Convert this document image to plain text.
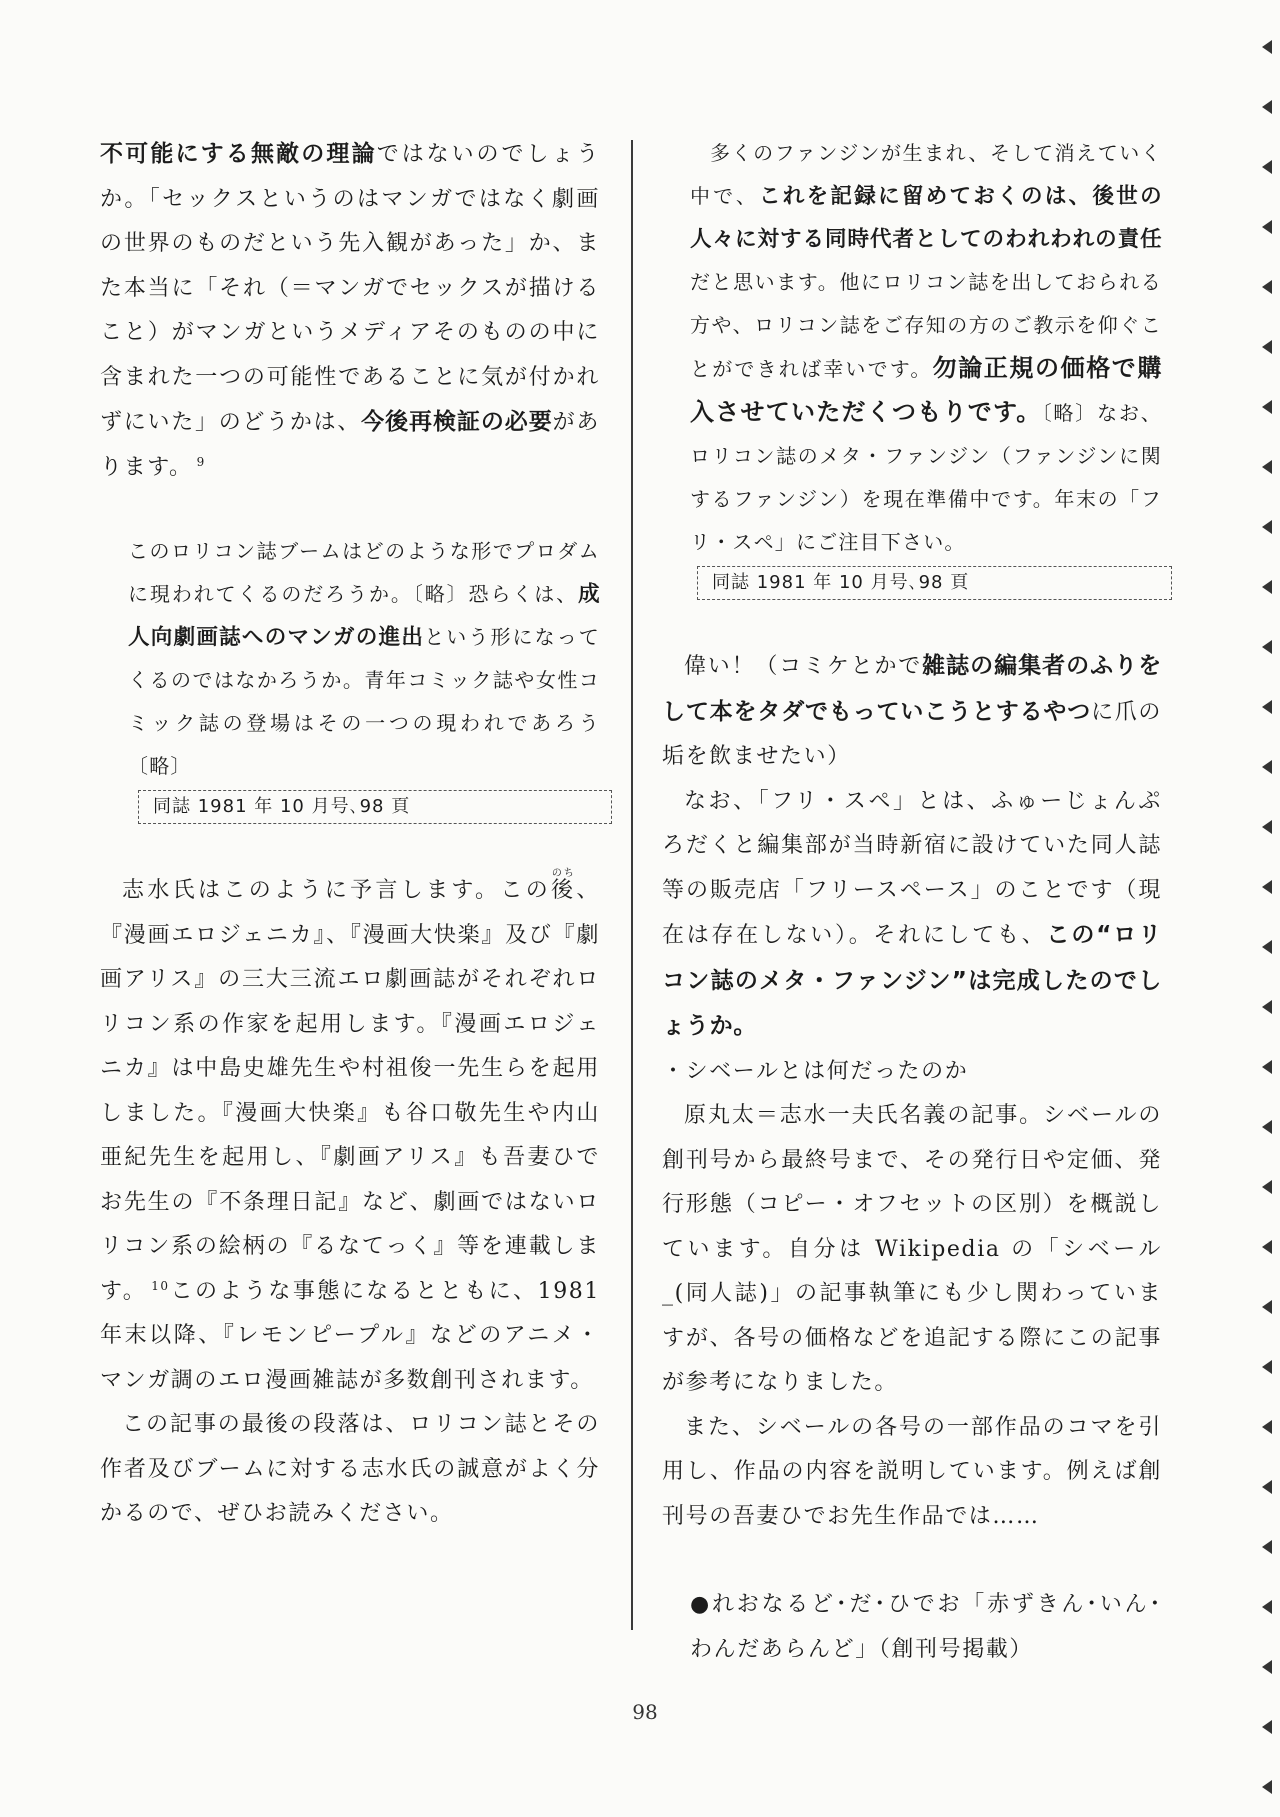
不可能にする無敵の理論ではないのでしょうか。「セックスというのはマンガではなく劇画の世界のものだという先入観があった」か、また本当に「それ（＝マンガでセックスが描けること）がマンガというメディアそのものの中に含まれた一つの可能性であることに気が付かれずにいた」のどうかは、今後再検証の必要があります。 $^9$

このロリコン誌ブームはどのような形でプロダムに現われてくるのだろうか。〔略〕恐らくは、成人向劇画誌へのマンガの進出という形になってくるのではなかろうか。青年コミック誌や女性コミック誌の登場はその一つの現われであろう〔略〕

同誌 1981 年 10 月号､98 頁

志水氏はこのように予言します。この後のち、『漫画エロジェニカ』、『漫画大快楽』及び『劇画アリス』の三大三流エロ劇画誌がそれぞれロリコン系の作家を起用します。『漫画エロジェニカ』は中島史雄先生や村祖俊一先生らを起用しました。『漫画大快楽』も谷口敬先生や内山亜紀先生を起用し、『劇画アリス』も吾妻ひでお先生の『不条理日記』など、劇画ではないロリコン系の絵柄の『るなてっく』等を連載します。 $^{10}$このような事態になるとともに、1981 年末以降、『レモンピープル』などのアニメ・マンガ調のエロ漫画雑誌が多数創刊されます。

この記事の最後の段落は、ロリコン誌とその作者及びブームに対する志水氏の誠意がよく分かるので、ぜひお読みください。

多くのファンジンが生まれ、そして消えていく中で、これを記録に留めておくのは、後世の人々に対する同時代者としてのわれわれの責任だと思います。他にロリコン誌を出しておられる方や、ロリコン誌をご存知の方のご教示を仰ぐことができれば幸いです。勿論正規の価格で購入させていただくつもりです。〔略〕なお、ロリコン誌のメタ・ファンジン（ファンジンに関するファンジン）を現在準備中です。年末の「フリ・スペ」にご注目下さい。

同誌 1981 年 10 月号､98 頁

偉い！（コミケとかで雑誌の編集者のふりをして本をタダでもっていこうとするやつに爪の垢を飲ませたい）

なお、「フリ・スペ」とは、ふゅーじょんぷろだくと編集部が当時新宿に設けていた同人誌等の販売店「フリースペース」のことです（現在は存在しない）。それにしても、この“ロリコン誌のメタ・ファンジン”は完成したのでしょうか。

・シベールとは何だったのか

原丸太＝志水一夫氏名義の記事。シベールの創刊号から最終号まで、その発行日や定価、発行形態（コピー・オフセットの区別）を概説しています。自分は Wikipedia の「シベール_(同人誌)」の記事執筆にも少し関わっていますが、各号の価格などを追記する際にこの記事が参考になりました。

また、シベールの各号の一部作品のコマを引用し、作品の内容を説明しています。例えば創刊号の吾妻ひでお先生作品では……

●れおなるど･だ･ひでお「赤ずきん･いん･わんだあらんど」（創刊号掲載）

98
